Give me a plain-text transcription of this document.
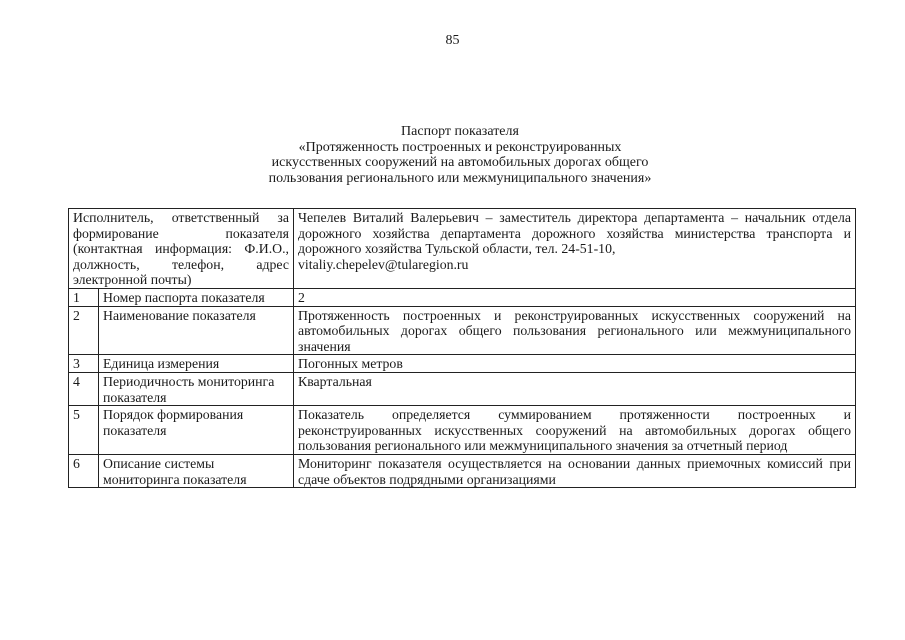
85
Паспорт показателя
«Протяженность построенных и реконструированных
искусственных сооружений на автомобильных дорогах общего
пользования регионального или межмуниципального значения»
Исполнитель, ответственный за формирование показателя (контактная информация: Ф.И.О., должность, телефон, адрес электронной почты)		Чепелев Виталий Валерьевич – заместитель директора департамента – начальник отдела дорожного хозяйства департамента дорожного хозяйства министерства транспорта и дорожного хозяйства Тульской области, тел. 24-51-10,
vitaliy.chepelev@tularegion.ru

1	Номер паспорта показателя	2
2	Наименование показателя	Протяженность построенных и реконструированных искусственных сооружений на автомобильных дорогах общего пользования регионального или межмуниципального значения
3	Единица измерения	Погонных метров
4	Периодичность мониторинга показателя	Квартальная
5	Порядок формирования показателя	Показатель определяется суммированием протяженности построенных и реконструированных искусственных сооружений на автомобильных дорогах общего пользования регионального или межмуниципального значения за отчетный период
6	Описание системы мониторинга показателя	Мониторинг показателя осуществляется на основании данных приемочных комиссий при сдаче объектов подрядными организациями
